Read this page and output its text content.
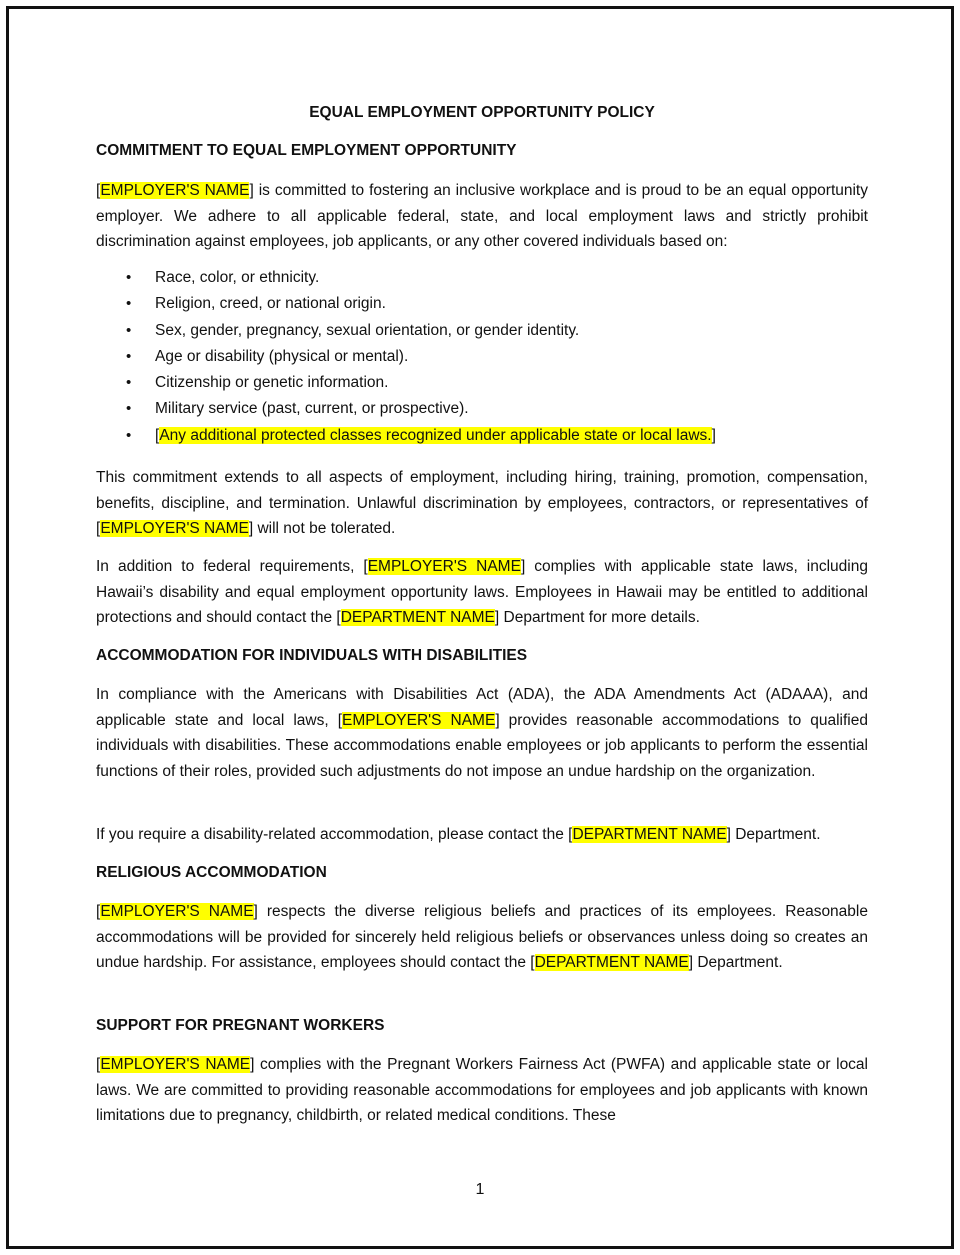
EQUAL EMPLOYMENT OPPORTUNITY POLICY

COMMITMENT TO EQUAL EMPLOYMENT OPPORTUNITY

[EMPLOYER'S NAME] is committed to fostering an inclusive workplace and is proud to be an equal opportunity employer. We adhere to all applicable federal, state, and local employment laws and strictly prohibit discrimination against employees, job applicants, or any other covered individuals based on:

• Race, color, or ethnicity.
• Religion, creed, or national origin.
• Sex, gender, pregnancy, sexual orientation, or gender identity.
• Age or disability (physical or mental).
• Citizenship or genetic information.
• Military service (past, current, or prospective).
• [Any additional protected classes recognized under applicable state or local laws.]

This commitment extends to all aspects of employment, including hiring, training, promotion, compensation, benefits, discipline, and termination. Unlawful discrimination by employees, contractors, or representatives of [EMPLOYER'S NAME] will not be tolerated.

In addition to federal requirements, [EMPLOYER'S NAME] complies with applicable state laws, including Hawaii’s disability and equal employment opportunity laws. Employees in Hawaii may be entitled to additional protections and should contact the [DEPARTMENT NAME] Department for more details.

ACCOMMODATION FOR INDIVIDUALS WITH DISABILITIES

In compliance with the Americans with Disabilities Act (ADA), the ADA Amendments Act (ADAAA), and applicable state and local laws, [EMPLOYER'S NAME] provides reasonable accommodations to qualified individuals with disabilities. These accommodations enable employees or job applicants to perform the essential functions of their roles, provided such adjustments do not impose an undue hardship on the organization.

If you require a disability-related accommodation, please contact the [DEPARTMENT NAME] Department.

RELIGIOUS ACCOMMODATION

[EMPLOYER'S NAME] respects the diverse religious beliefs and practices of its employees. Reasonable accommodations will be provided for sincerely held religious beliefs or observances unless doing so creates an undue hardship. For assistance, employees should contact the [DEPARTMENT NAME] Department.

SUPPORT FOR PREGNANT WORKERS

[EMPLOYER'S NAME] complies with the Pregnant Workers Fairness Act (PWFA) and applicable state or local laws. We are committed to providing reasonable accommodations for employees and job applicants with known limitations due to pregnancy, childbirth, or related medical conditions. These

1
